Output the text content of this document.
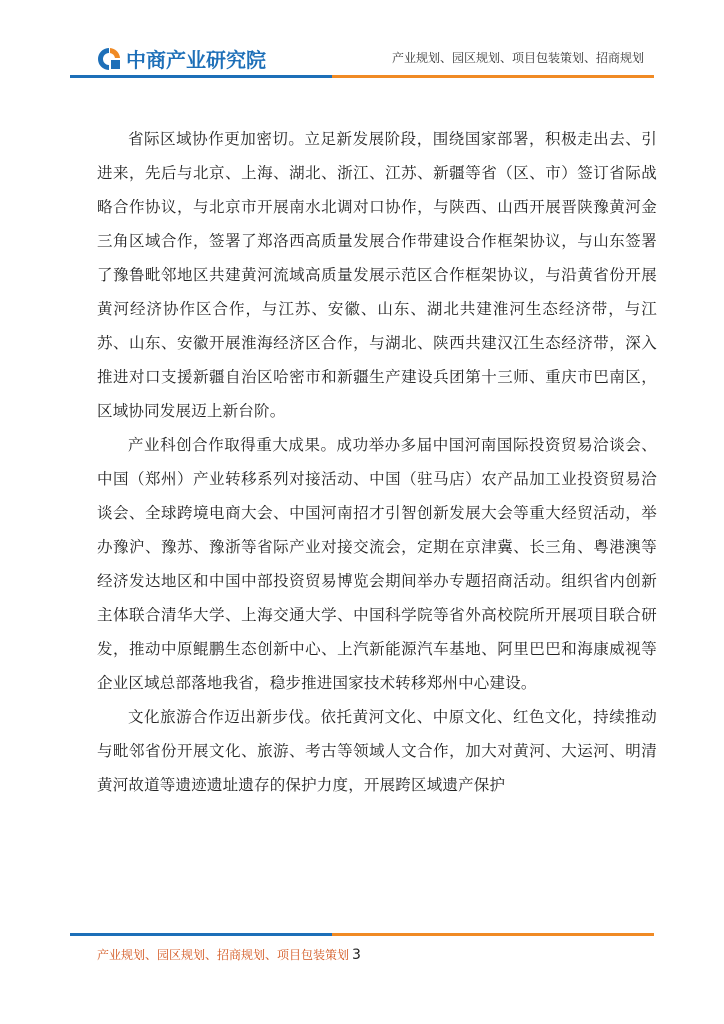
中商产业研究院	产业规划、园区规划、项目包装策划、招商规划

省际区域协作更加密切。立足新发展阶段，围绕国家部署，积极走出去、引进来，先后与北京、上海、湖北、浙江、江苏、新疆等省（区、市）签订省际战略合作协议，与北京市开展南水北调对口协作，与陕西、山西开展晋陕豫黄河金三角区域合作，签署了郑洛西高质量发展合作带建设合作框架协议，与山东签署了豫鲁毗邻地区共建黄河流域高质量发展示范区合作框架协议，与沿黄省份开展黄河经济协作区合作，与江苏、安徽、山东、湖北共建淮河生态经济带，与江苏、山东、安徽开展淮海经济区合作，与湖北、陕西共建汉江生态经济带，深入推进对口支援新疆自治区哈密市和新疆生产建设兵团第十三师、重庆市巴南区，区域协同发展迈上新台阶。

产业科创合作取得重大成果。成功举办多届中国河南国际投资贸易洽谈会、中国（郑州）产业转移系列对接活动、中国（驻马店）农产品加工业投资贸易洽谈会、全球跨境电商大会、中国河南招才引智创新发展大会等重大经贸活动，举办豫沪、豫苏、豫浙等省际产业对接交流会，定期在京津冀、长三角、粤港澳等经济发达地区和中国中部投资贸易博览会期间举办专题招商活动。组织省内创新主体联合清华大学、上海交通大学、中国科学院等省外高校院所开展项目联合研发，推动中原鲲鹏生态创新中心、上汽新能源汽车基地、阿里巴巴和海康威视等企业区域总部落地我省，稳步推进国家技术转移郑州中心建设。

文化旅游合作迈出新步伐。依托黄河文化、中原文化、红色文化，持续推动与毗邻省份开展文化、旅游、考古等领域人文合作，加大对黄河、大运河、明清黄河故道等遗迹遗址遗存的保护力度，开展跨区域遗产保护

产业规划、园区规划、招商规划、项目包装策划 3
